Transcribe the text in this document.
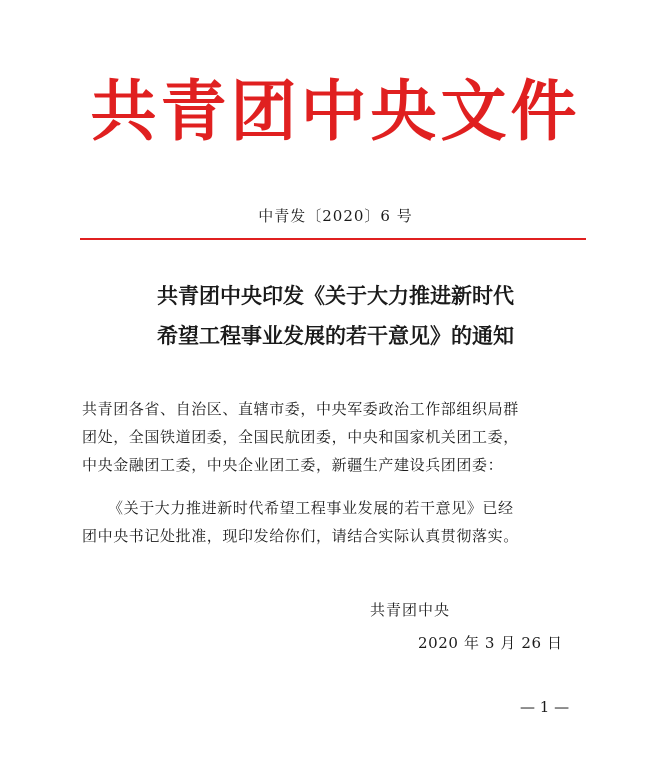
共青团中央文件
中青发〔2020〕6 号
共青团中央印发《关于大力推进新时代
希望工程事业发展的若干意见》的通知
共青团各省、自治区、直辖市委，中央军委政治工作部组织局群
团处，全国铁道团委，全国民航团委，中央和国家机关团工委，
中央金融团工委，中央企业团工委，新疆生产建设兵团团委：
《关于大力推进新时代希望工程事业发展的若干意见》已经
团中央书记处批准，现印发给你们，请结合实际认真贯彻落实。
共青团中央
2020 年 3 月 26 日
— 1 —
